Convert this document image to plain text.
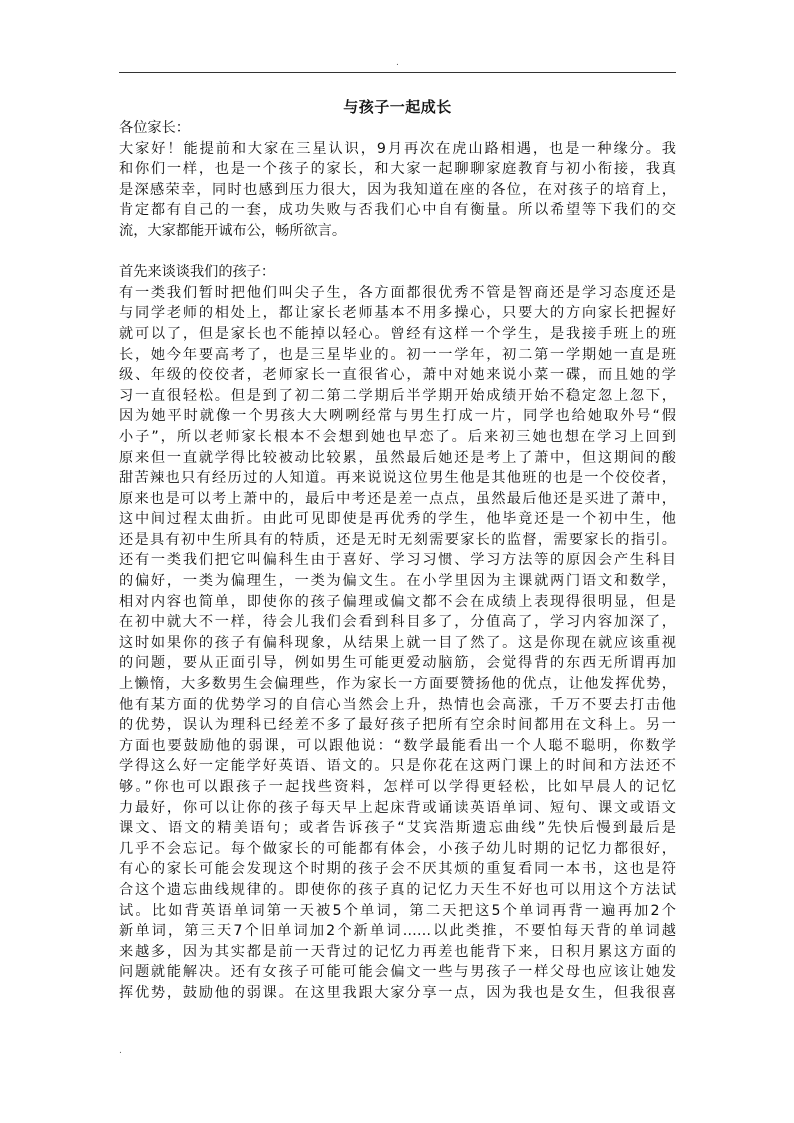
.
与孩子一起成长
各位家长：
大家好！能提前和大家在三星认识，9月再次在虎山路相遇，也是一种缘分。我
和你们一样，也是一个孩子的家长，和大家一起聊聊家庭教育与初小衔接，我真
是深感荣幸，同时也感到压力很大，因为我知道在座的各位，在对孩子的培育上，
肯定都有自己的一套，成功失败与否我们心中自有衡量。所以希望等下我们的交
流，大家都能开诚布公，畅所欲言。
首先来谈谈我们的孩子：
有一类我们暂时把他们叫尖子生，各方面都很优秀不管是智商还是学习态度还是
与同学老师的相处上，都让家长老师基本不用多操心，只要大的方向家长把握好
就可以了，但是家长也不能掉以轻心。曾经有这样一个学生，是我接手班上的班
长，她今年要高考了，也是三星毕业的。初一一学年，初二第一学期她一直是班
级、年级的佼佼者，老师家长一直很省心，萧中对她来说小菜一碟，而且她的学
习一直很轻松。但是到了初二第二学期后半学期开始成绩开始不稳定忽上忽下，
因为她平时就像一个男孩大大咧咧经常与男生打成一片，同学也给她取外号“假
小子”，所以老师家长根本不会想到她也早恋了。后来初三她也想在学习上回到
原来但一直就学得比较被动比较累，虽然最后她还是考上了萧中，但这期间的酸
甜苦辣也只有经历过的人知道。再来说说这位男生他是其他班的也是一个佼佼者，
原来也是可以考上萧中的，最后中考还是差一点点，虽然最后他还是买进了萧中，
这中间过程太曲折。由此可见即使是再优秀的学生，他毕竟还是一个初中生，他
还是具有初中生所具有的特质，还是无时无刻需要家长的监督，需要家长的指引。
还有一类我们把它叫偏科生由于喜好、学习习惯、学习方法等的原因会产生科目
的偏好，一类为偏理生，一类为偏文生。在小学里因为主课就两门语文和数学，
相对内容也简单，即使你的孩子偏理或偏文都不会在成绩上表现得很明显，但是
在初中就大不一样，待会儿我们会看到科目多了，分值高了，学习内容加深了，
这时如果你的孩子有偏科现象，从结果上就一目了然了。这是你现在就应该重视
的问题，要从正面引导，例如男生可能更爱动脑筋，会觉得背的东西无所谓再加
上懒惰，大多数男生会偏理些，作为家长一方面要赞扬他的优点，让他发挥优势，
他有某方面的优势学习的自信心当然会上升，热情也会高涨，千万不要去打击他
的优势，误认为理科已经差不多了最好孩子把所有空余时间都用在文科上。另一
方面也要鼓励他的弱课，可以跟他说：“数学最能看出一个人聪不聪明，你数学
学得这么好一定能学好英语、语文的。只是你花在这两门课上的时间和方法还不
够。”你也可以跟孩子一起找些资料，怎样可以学得更轻松，比如早晨人的记忆
力最好，你可以让你的孩子每天早上起床背或诵读英语单词、短句、课文或语文
课文、语文的精美语句；或者告诉孩子“艾宾浩斯遗忘曲线”先快后慢到最后是
几乎不会忘记。每个做家长的可能都有体会，小孩子幼儿时期的记忆力都很好，
有心的家长可能会发现这个时期的孩子会不厌其烦的重复看同一本书，这也是符
合这个遗忘曲线规律的。即使你的孩子真的记忆力天生不好也可以用这个方法试
试。比如背英语单词第一天被5个单词，第二天把这5个单词再背一遍再加2个
新单词，第三天7个旧单词加2个新单词……以此类推，不要怕每天背的单词越
来越多，因为其实都是前一天背过的记忆力再差也能背下来，日积月累这方面的
问题就能解决。还有女孩子可能可能会偏文一些与男孩子一样父母也应该让她发
挥优势，鼓励他的弱课。在这里我跟大家分享一点，因为我也是女生，但我很喜
.
